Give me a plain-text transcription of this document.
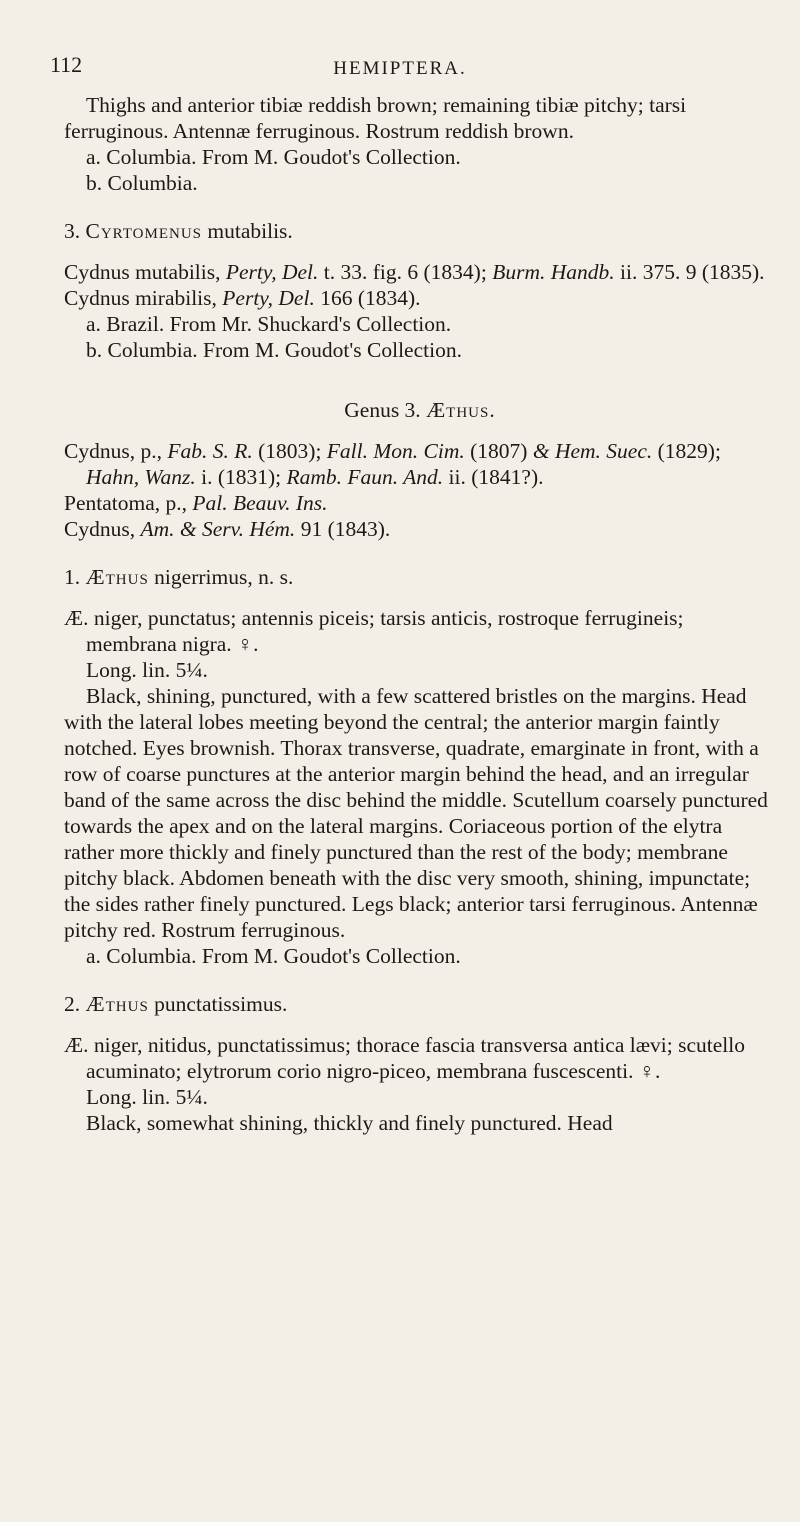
112	HEMIPTERA.

Thighs and anterior tibiæ reddish brown; remaining tibiæ pitchy; tarsi ferruginous. Antennæ ferruginous. Rostrum reddish brown.

a. Columbia. From M. Goudot's Collection.

b. Columbia.

3. Cyrtomenus mutabilis.

Cydnus mutabilis, Perty, Del. t. 33. fig. 6 (1834); Burm. Handb. ii. 375. 9 (1835).

Cydnus mirabilis, Perty, Del. 166 (1834).

a. Brazil. From Mr. Shuckard's Collection.

b. Columbia. From M. Goudot's Collection.

Genus 3. Æthus.

Cydnus, p., Fab. S. R. (1803); Fall. Mon. Cim. (1807) & Hem. Suec. (1829); Hahn, Wanz. i. (1831); Ramb. Faun. And. ii. (1841?).

Pentatoma, p., Pal. Beauv. Ins.

Cydnus, Am. & Serv. Hém. 91 (1843).

1. Æthus nigerrimus, n. s.

Æ. niger, punctatus; antennis piceis; tarsis anticis, rostroque ferrugineis; membrana nigra. ♀.

Long. lin. 5¼.

Black, shining, punctured, with a few scattered bristles on the margins. Head with the lateral lobes meeting beyond the central; the anterior margin faintly notched. Eyes brownish. Thorax transverse, quadrate, emarginate in front, with a row of coarse punctures at the anterior margin behind the head, and an irregular band of the same across the disc behind the middle. Scutellum coarsely punctured towards the apex and on the lateral margins. Coriaceous portion of the elytra rather more thickly and finely punctured than the rest of the body; membrane pitchy black. Abdomen beneath with the disc very smooth, shining, impunctate; the sides rather finely punctured. Legs black; anterior tarsi ferruginous. Antennæ pitchy red. Rostrum ferruginous.

a. Columbia. From M. Goudot's Collection.

2. Æthus punctatissimus.

Æ. niger, nitidus, punctatissimus; thorace fascia transversa antica lævi; scutello acuminato; elytrorum corio nigro-piceo, membrana fuscescenti. ♀.

Long. lin. 5¼.

Black, somewhat shining, thickly and finely punctured. Head
